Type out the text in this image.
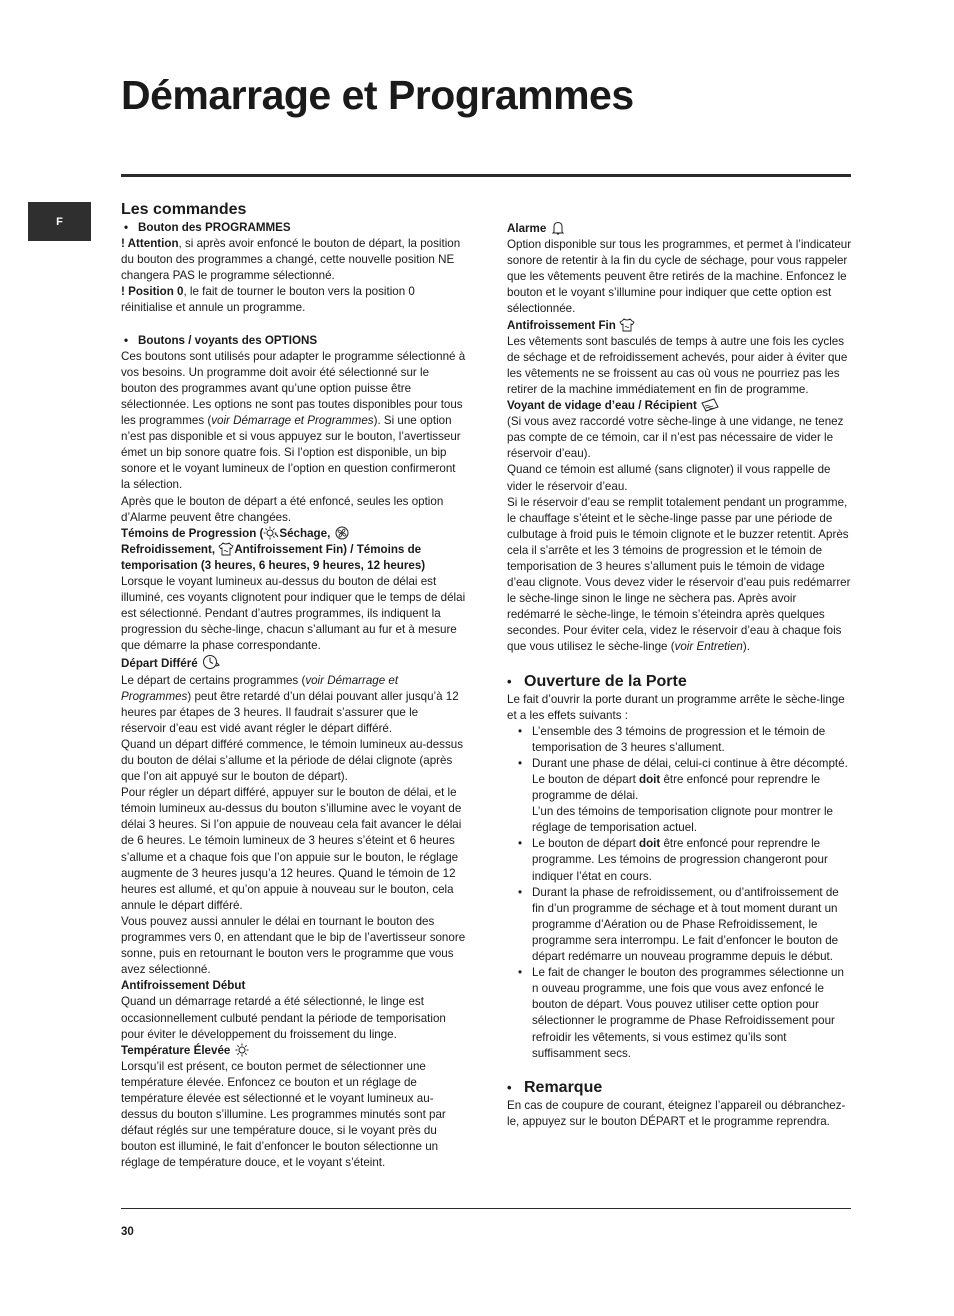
Démarrage et Programmes
F
Les commandes
• Bouton des PROGRAMMES
! Attention, si après avoir enfoncé le bouton de départ, la position du bouton des programmes a changé, cette nouvelle position NE changera PAS le programme sélectionné.
! Position 0, le fait de tourner le bouton vers la position 0 réinitialise et annule un programme.
• Boutons / voyants des OPTIONS
Ces boutons sont utilisés pour adapter le programme sélectionné à vos besoins. Un programme doit avoir été sélectionné sur le bouton des programmes avant qu’une option puisse être sélectionnée. Les options ne sont pas toutes disponibles pour tous les programmes (voir Démarrage et Programmes). Si une option n’est pas disponible et si vous appuyez sur le bouton, l’avertisseur émet un bip sonore quatre fois. Si l’option est disponible, un bip sonore et le voyant lumineux de l’option en question confirmeront la sélection.
Après que le bouton de départ a été enfoncé, seules les option d’Alarme peuvent être changées.
Témoins de Progression ( Séchage,
Refroidissement, Antifroissement Fin) / Témoins de temporisation (3 heures, 6 heures, 9 heures, 12 heures)
Lorsque le voyant lumineux au-dessus du bouton de délai est illuminé, ces voyants clignotent pour indiquer que le temps de délai est sélectionné. Pendant d’autres programmes, ils indiquent la progression du sèche-linge, chacun s’allumant au fur et à mesure que démarre la phase correspondante.
Départ Différé
Le départ de certains programmes (voir Démarrage et Programmes) peut être retardé d’un délai pouvant aller jusqu’à 12 heures par étapes de 3 heures. Il faudrait s’assurer que le réservoir d’eau est vidé avant régler le départ différé.
Quand un départ différé commence, le témoin lumineux au-dessus du bouton de délai s’allume et la période de délai clignote (après que l’on ait appuyé sur le bouton de départ).
Pour régler un départ différé, appuyer sur le bouton de délai, et le témoin lumineux au-dessus du bouton s’illumine avec le voyant de délai 3 heures. Si l’on appuie de nouveau cela fait avancer le délai de 6 heures. Le témoin lumineux de 3 heures s’éteint et 6 heures s’allume et a chaque fois que l’on appuie sur le bouton, le réglage augmente de 3 heures jusqu’a 12 heures. Quand le témoin de 12 heures est allumé, et qu’on appuie à nouveau sur le bouton, cela annule le départ différé.
Vous pouvez aussi annuler le délai en tournant le bouton des programmes vers 0, en attendant que le bip de l’avertisseur sonore sonne, puis en retournant le bouton vers le programme que vous avez sélectionné.
Antifroissement Début
Quand un démarrage retardé a été sélectionné, le linge est occasionnellement culbuté pendant la période de temporisation pour éviter le développement du froissement du linge.
Température Élevée
Lorsqu’il est présent, ce bouton permet de sélectionner une température élevée. Enfoncez ce bouton et un réglage de température élevée est sélectionné et le voyant lumineux au-dessus du bouton s’illumine. Les programmes minutés sont par défaut réglés sur une température douce, si le voyant près du bouton est illuminé, le fait d’enfoncer le bouton sélectionne un réglage de température douce, et le voyant s’éteint.
Alarme
Option disponible sur tous les programmes, et permet à l’indicateur sonore de retentir à la fin du cycle de séchage, pour vous rappeler que les vêtements peuvent être retirés de la machine. Enfoncez le bouton et le voyant s’illumine pour indiquer que cette option est sélectionnée.
Antifroissement Fin
Les vêtements sont basculés de temps à autre une fois les cycles de séchage et de refroidissement achevés, pour aider à éviter que les vêtements ne se froissent au cas où vous ne pourriez pas les retirer de la machine immédiatement en fin de programme.
Voyant de vidage d’eau / Récipient
(Si vous avez raccordé votre sèche-linge à une vidange, ne tenez pas compte de ce témoin, car il n’est pas nécessaire de vider le réservoir d’eau).
Quand ce témoin est allumé (sans clignoter) il vous rappelle de vider le réservoir d’eau.
Si le réservoir d’eau se remplit totalement pendant un programme, le chauffage s’éteint et le sèche-linge passe par une période de culbutage à froid puis le témoin clignote et le buzzer retentit. Après cela il s’arrête et les 3 témoins de progression et le témoin de temporisation de 3 heures s’allument puis le témoin de vidage d’eau clignote. Vous devez vider le réservoir d’eau puis redémarrer le sèche-linge sinon le linge ne sèchera pas. Après avoir redémarré le sèche-linge, le témoin s’éteindra après quelques secondes. Pour éviter cela, videz le réservoir d’eau à chaque fois que vous utilisez le sèche-linge (voir Entretien).
• Ouverture de la Porte
Le fait d’ouvrir la porte durant un programme arrête le sèche-linge et a les effets suivants :
• L’ensemble des 3 témoins de progression et le témoin de temporisation de 3 heures s’allument.
• Durant une phase de délai, celui-ci continue à être décompté. Le bouton de départ doit être enfoncé pour reprendre le programme de délai.
L’un des témoins de temporisation clignote pour montrer le réglage de temporisation actuel.
• Le bouton de départ doit être enfoncé pour reprendre le programme. Les témoins de progression changeront pour indiquer l’état en cours.
• Durant la phase de refroidissement, ou d’antifroissement de fin d’un programme de séchage et à tout moment durant un programme d’Aération ou de Phase Refroidissement, le programme sera interrompu. Le fait d’enfoncer le bouton de départ redémarre un nouveau programme depuis le début.
• Le fait de changer le bouton des programmes sélectionne un n ouveau programme, une fois que vous avez enfoncé le bouton de départ. Vous pouvez utiliser cette option pour sélectionner le programme de Phase Refroidissement pour refroidir les vêtements, si vous estimez qu’ils sont suffisamment secs.
• Remarque
En cas de coupure de courant, éteignez l’appareil ou débranchez-le, appuyez sur le bouton DÉPART et le programme reprendra.
30
